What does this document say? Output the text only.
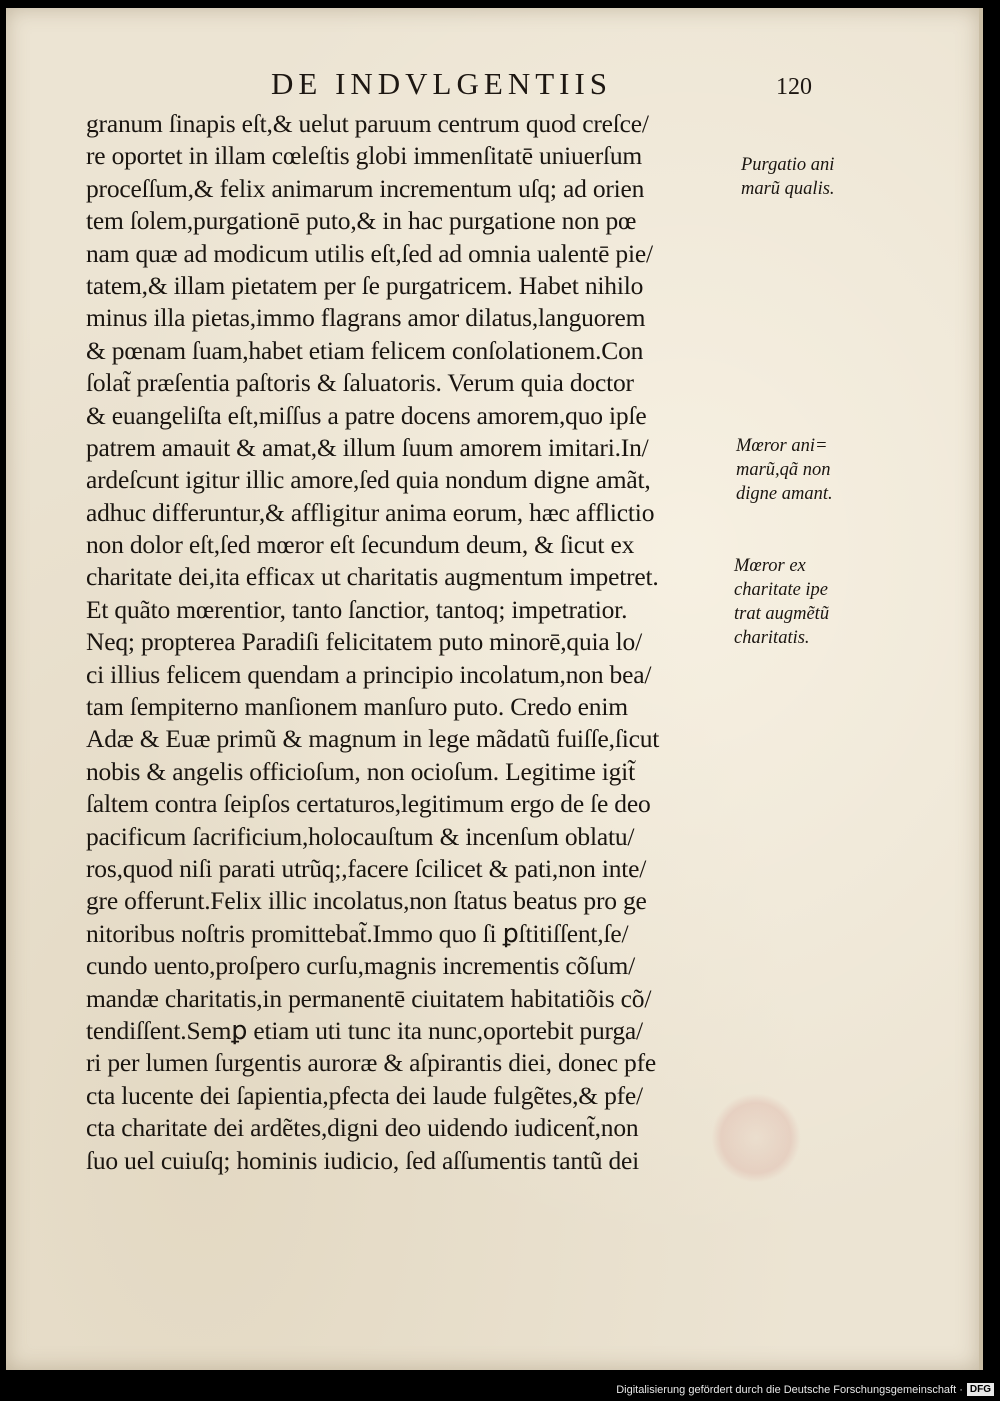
DE INDVLGENTIIS	120
granum ſinapis eſt,& uelut paruum centrum quod creſce/
re oportet in illam cœleſtis globi immenſitatē uniuerſum
proceſſum,& felix animarum incrementum uſq; ad orien
tem ſolem,purgationē puto,& in hac purgatione non pœ
nam quæ ad modicum utilis eſt,ſed ad omnia ualentē pie/
tatem,& illam pietatem per ſe purgatricem. Habet nihilo
minus illa pietas,immo flagrans amor dilatus,languorem
& pœnam ſuam,habet etiam felicem conſolationem.Con
ſolat̃ præſentia paſtoris & ſaluatoris. Verum quia doctor
& euangeliſta eſt,miſſus a patre docens amorem,quo ipſe
patrem amauit & amat,& illum ſuum amorem imitari.In/
ardeſcunt igitur illic amore,ſed quia nondum digne amãt,
adhuc differuntur,& affligitur anima eorum, hæc afflictio
non dolor eſt,ſed mœror eſt ſecundum deum, & ſicut ex
charitate dei,ita efficax ut charitatis augmentum impetret.
Et quãto mœrentior, tanto ſanctior, tantoq; impetratior.
Neq; propterea Paradiſi felicitatem puto minorē,quia lo/
ci illius felicem quendam a principio incolatum,non bea/
tam ſempiterno manſionem manſuro puto. Credo enim
Adæ & Euæ primũ & magnum in lege mãdatũ fuiſſe,ſicut
nobis & angelis officioſum, non ocioſum. Legitime igit̃
ſaltem contra ſeipſos certaturos,legitimum ergo de ſe deo
pacificum ſacrificium,holocauſtum & incenſum oblatu/
ros,quod niſi parati utrũq;,facere ſcilicet & pati,non inte/
gre offerunt.Felix illic incolatus,non ſtatus beatus pro ge
nitoribus noſtris promittebat̃.Immo quo ſi ꝑſtitiſſent,ſe/
cundo uento,proſpero curſu,magnis incrementis cõſum/
mandæ charitatis,in permanentē ciuitatem habitatiõis cõ/
tendiſſent.Semꝑ etiam uti tunc ita nunc,oportebit purga/
ri per lumen ſurgentis auroræ & aſpirantis diei, donec pfe
cta lucente dei ſapientia,pfecta dei laude fulgẽtes,& pfe/
cta charitate dei ardẽtes,digni deo uidendo iudicent̃,non
ſuo uel cuiuſq; hominis iudicio, ſed aſſumentis tantũ dei
Purgatio ani
marũ qualis.
Mœror ani=
marũ,qã non
digne amant.
Mœror ex
charitate ipe
trat augmẽtũ
charitatis.
Digitalisierung gefördert durch die Deutsche Forschungsgemeinschaft · DFG
